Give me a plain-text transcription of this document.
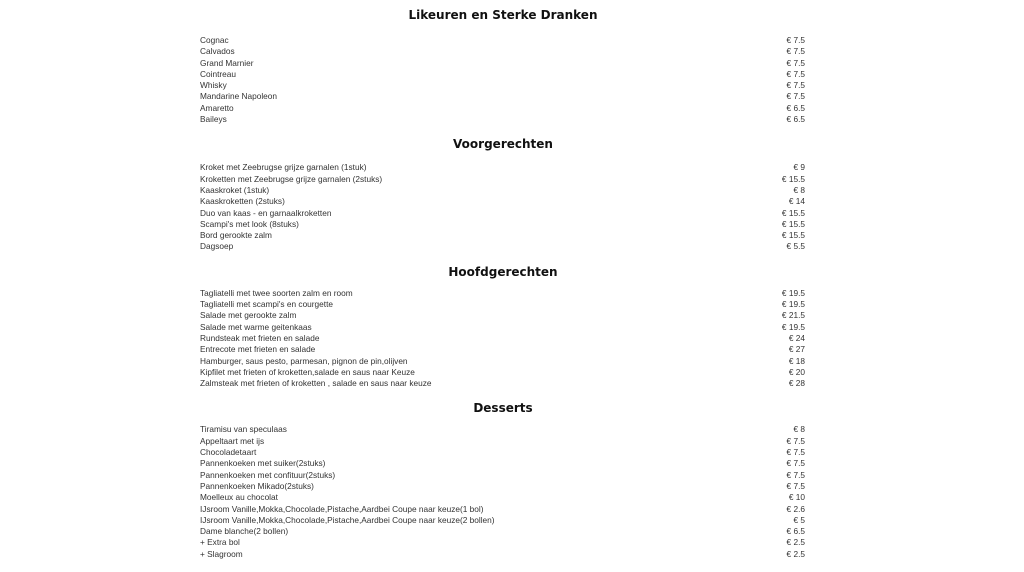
Likeuren en Sterke Dranken
Cognac	€ 7.5
Calvados	€ 7.5
Grand Marnier	€ 7.5
Cointreau	€ 7.5
Whisky	€ 7.5
Mandarine Napoleon	€ 7.5
Amaretto	€ 6.5
Baileys	€ 6.5
Voorgerechten
Kroket met Zeebrugse grijze garnalen (1stuk)	€ 9
Kroketten met Zeebrugse grijze garnalen (2stuks)	€ 15.5
Kaaskroket (1stuk)	€ 8
Kaaskroketten (2stuks)	€ 14
Duo van kaas - en garnaalkroketten	€ 15.5
Scampi's met look (8stuks)	€ 15.5
Bord gerookte zalm	€ 15.5
Dagsoep	€ 5.5
Hoofdgerechten
Tagliatelli met twee soorten zalm en room	€ 19.5
Tagliatelli met scampi's en courgette	€ 19.5
Salade met gerookte zalm	€ 21.5
Salade met warme geitenkaas	€ 19.5
Rundsteak met frieten en salade	€ 24
Entrecote met frieten en salade	€ 27
Hamburger, saus pesto, parmesan, pignon de pin,olijven	€ 18
Kipfilet met frieten of kroketten,salade en saus naar Keuze	€ 20
Zalmsteak met frieten of kroketten , salade en saus naar keuze	€ 28
Desserts
Tiramisu van speculaas	€ 8
Appeltaart met ijs	€ 7.5
Chocoladetaart	€ 7.5
Pannenkoeken met suiker(2stuks)	€ 7.5
Pannenkoeken met confituur(2stuks)	€ 7.5
Pannenkoeken Mikado(2stuks)	€ 7.5
Moelleux au chocolat	€ 10
IJsroom Vanille,Mokka,Chocolade,Pistache,Aardbei Coupe naar keuze(1 bol)	€ 2.6
IJsroom Vanille,Mokka,Chocolade,Pistache,Aardbei Coupe naar keuze(2 bollen)	€ 5
Dame blanche(2 bollen)	€ 6.5
+ Extra bol	€ 2.5
+ Slagroom	€ 2.5
